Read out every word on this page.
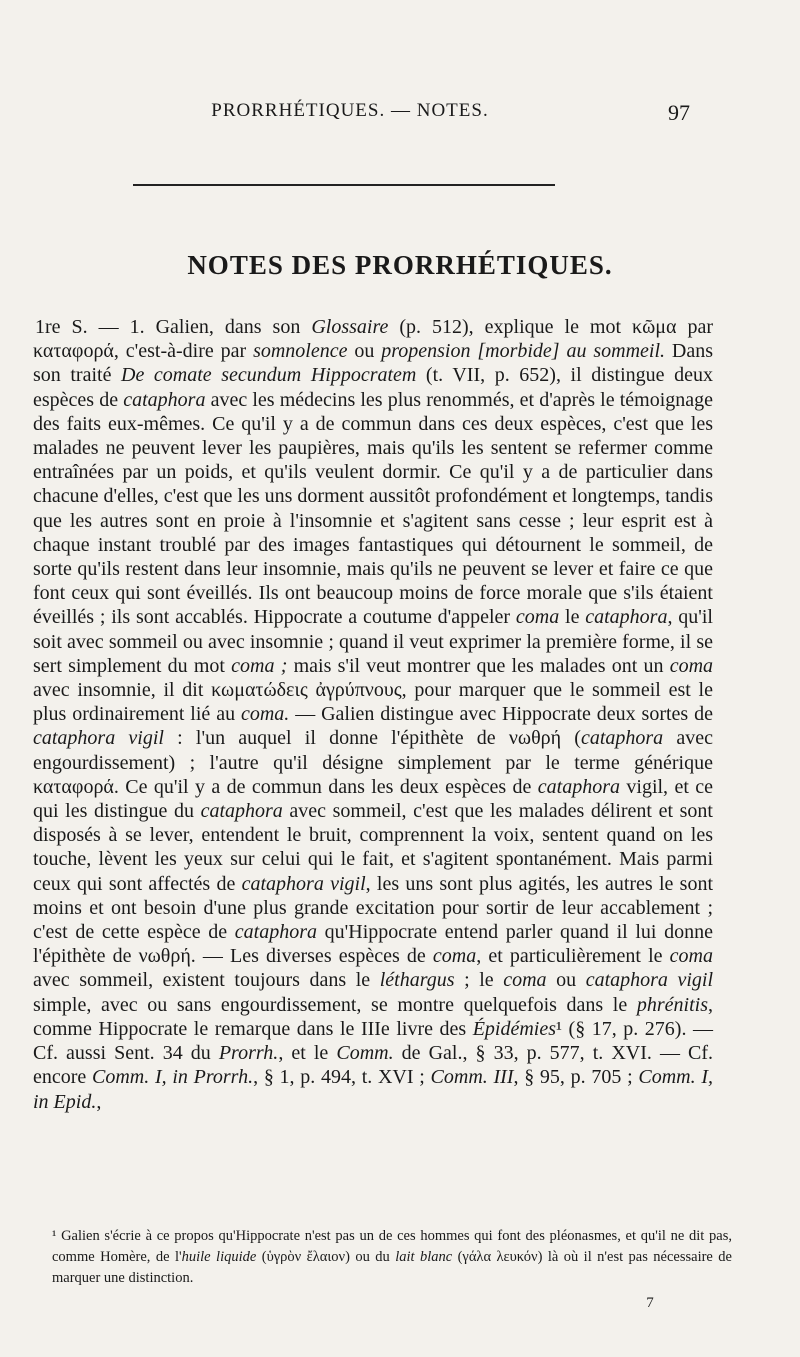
PRORRHÉTIQUES. — NOTES.	97
NOTES DES PRORRHÉTIQUES.
1re S. — 1. Galien, dans son Glossaire (p. 512), explique le mot κῶμα par καταφορά, c'est-à-dire par somnolence ou propension [morbide] au sommeil. Dans son traité De comate secundum Hippocratem (t. VII, p. 652), il distingue deux espèces de cataphora avec les médecins les plus renommés, et d'après le témoignage des faits eux-mêmes. Ce qu'il y a de commun dans ces deux espèces, c'est que les malades ne peuvent lever les paupières, mais qu'ils les sentent se refermer comme entraînées par un poids, et qu'ils veulent dormir. Ce qu'il y a de particulier dans chacune d'elles, c'est que les uns dorment aussitôt profondément et longtemps, tandis que les autres sont en proie à l'insomnie et s'agitent sans cesse ; leur esprit est à chaque instant troublé par des images fantastiques qui détournent le sommeil, de sorte qu'ils restent dans leur insomnie, mais qu'ils ne peuvent se lever et faire ce que font ceux qui sont éveillés. Ils ont beaucoup moins de force morale que s'ils étaient éveillés ; ils sont accablés. Hippocrate a coutume d'appeler coma le cataphora, qu'il soit avec sommeil ou avec insomnie ; quand il veut exprimer la première forme, il se sert simplement du mot coma ; mais s'il veut montrer que les malades ont un coma avec insomnie, il dit κωματώδεις ἀγρύπνους, pour marquer que le sommeil est le plus ordinairement lié au coma. — Galien distingue avec Hippocrate deux sortes de cataphora vigil : l'un auquel il donne l'épithète de νωθρή (cataphora avec engourdissement) ; l'autre qu'il désigne simplement par le terme générique καταφορά. Ce qu'il y a de commun dans les deux espèces de cataphora vigil, et ce qui les distingue du cataphora avec sommeil, c'est que les malades délirent et sont disposés à se lever, entendent le bruit, comprennent la voix, sentent quand on les touche, lèvent les yeux sur celui qui le fait, et s'agitent spontanément. Mais parmi ceux qui sont affectés de cataphora vigil, les uns sont plus agités, les autres le sont moins et ont besoin d'une plus grande excitation pour sortir de leur accablement ; c'est de cette espèce de cataphora qu'Hippocrate entend parler quand il lui donne l'épithète de νωθρή. — Les diverses espèces de coma, et particulièrement le coma avec sommeil, existent toujours dans le léthargus ; le coma ou cataphora vigil simple, avec ou sans engourdissement, se montre quelquefois dans le phrénitis, comme Hippocrate le remarque dans le IIIe livre des Épidémies¹ (§ 17, p. 276). — Cf. aussi Sent. 34 du Prorrh., et le Comm. de Gal., § 33, p. 577, t. XVI. — Cf. encore Comm. I, in Prorrh., § 1, p. 494, t. XVI ; Comm. III, § 95, p. 705 ; Comm. I, in Epid.,
¹ Galien s'écrie à ce propos qu'Hippocrate n'est pas un de ces hommes qui font des pléonasmes, et qu'il ne dit pas, comme Homère, de l'huile liquide (ὑγρὸν ἔλαιον) ou du lait blanc (γάλα λευκόν) là où il n'est pas nécessaire de marquer une distinction.
7
